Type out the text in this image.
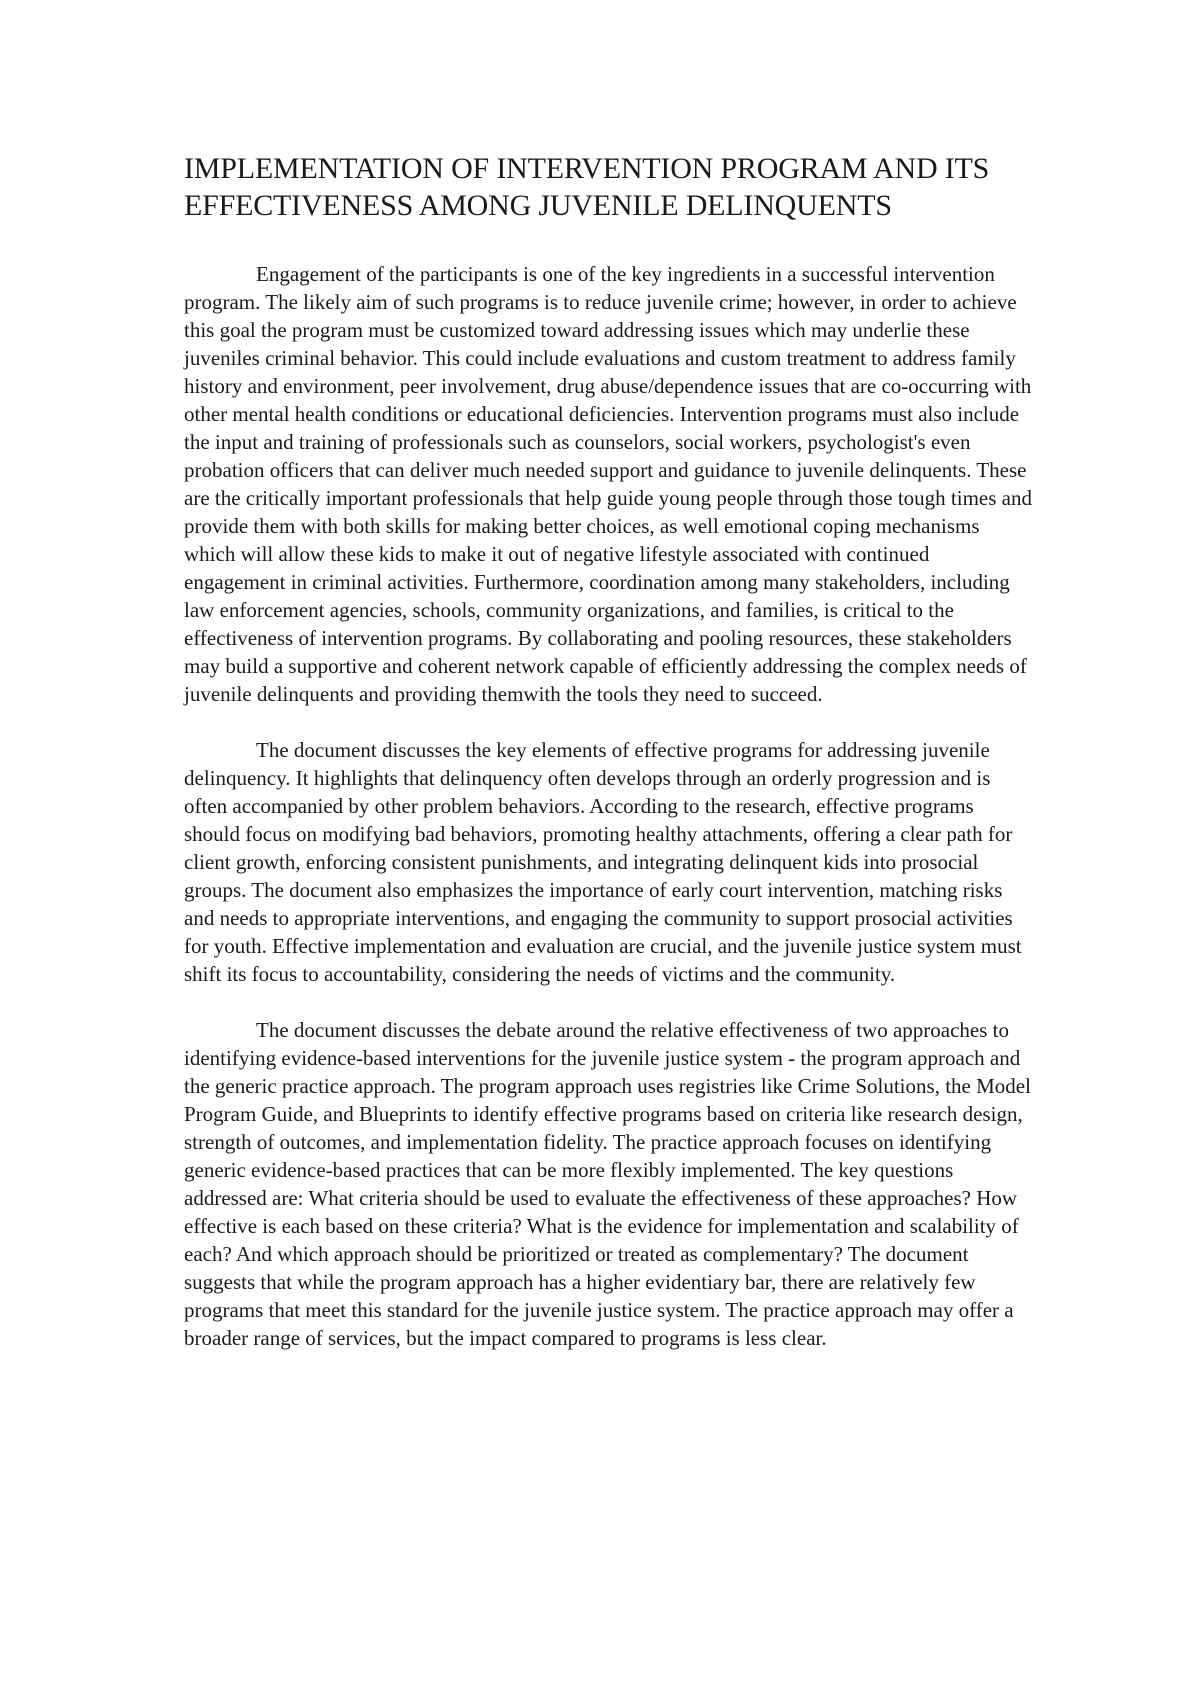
IMPLEMENTATION OF INTERVENTION PROGRAM AND ITS EFFECTIVENESS AMONG JUVENILE DELINQUENTS

Engagement of the participants is one of the key ingredients in a successful intervention program. The likely aim of such programs is to reduce juvenile crime; however, in order to achieve this goal the program must be customized toward addressing issues which may underlie these juveniles criminal behavior. This could include evaluations and custom treatment to address family history and environment, peer involvement, drug abuse/dependence issues that are co-occurring with other mental health conditions or educational deficiencies. Intervention programs must also include the input and training of professionals such as counselors, social workers, psychologist's even probation officers that can deliver much needed support and guidance to juvenile delinquents. These are the critically important professionals that help guide young people through those tough times and provide them with both skills for making better choices, as well emotional coping mechanisms which will allow these kids to make it out of negative lifestyle associated with continued engagement in criminal activities. Furthermore, coordination among many stakeholders, including law enforcement agencies, schools, community organizations, and families, is critical to the effectiveness of intervention programs. By collaborating and pooling resources, these stakeholders may build a supportive and coherent network capable of efficiently addressing the complex needs of juvenile delinquents and providing themwith the tools they need to succeed.

The document discusses the key elements of effective programs for addressing juvenile delinquency. It highlights that delinquency often develops through an orderly progression and is often accompanied by other problem behaviors. According to the research, effective programs should focus on modifying bad behaviors, promoting healthy attachments, offering a clear path for client growth, enforcing consistent punishments, and integrating delinquent kids into prosocial groups. The document also emphasizes the importance of early court intervention, matching risks and needs to appropriate interventions, and engaging the community to support prosocial activities for youth. Effective implementation and evaluation are crucial, and the juvenile justice system must shift its focus to accountability, considering the needs of victims and the community.

The document discusses the debate around the relative effectiveness of two approaches to identifying evidence-based interventions for the juvenile justice system - the program approach and the generic practice approach. The program approach uses registries like Crime Solutions, the Model Program Guide, and Blueprints to identify effective programs based on criteria like research design, strength of outcomes, and implementation fidelity. The practice approach focuses on identifying generic evidence-based practices that can be more flexibly implemented. The key questions addressed are: What criteria should be used to evaluate the effectiveness of these approaches? How effective is each based on these criteria? What is the evidence for implementation and scalability of each? And which approach should be prioritized or treated as complementary? The document suggests that while the program approach has a higher evidentiary bar, there are relatively few programs that meet this standard for the juvenile justice system. The practice approach may offer a broader range of services, but the impact compared to programs is less clear.
